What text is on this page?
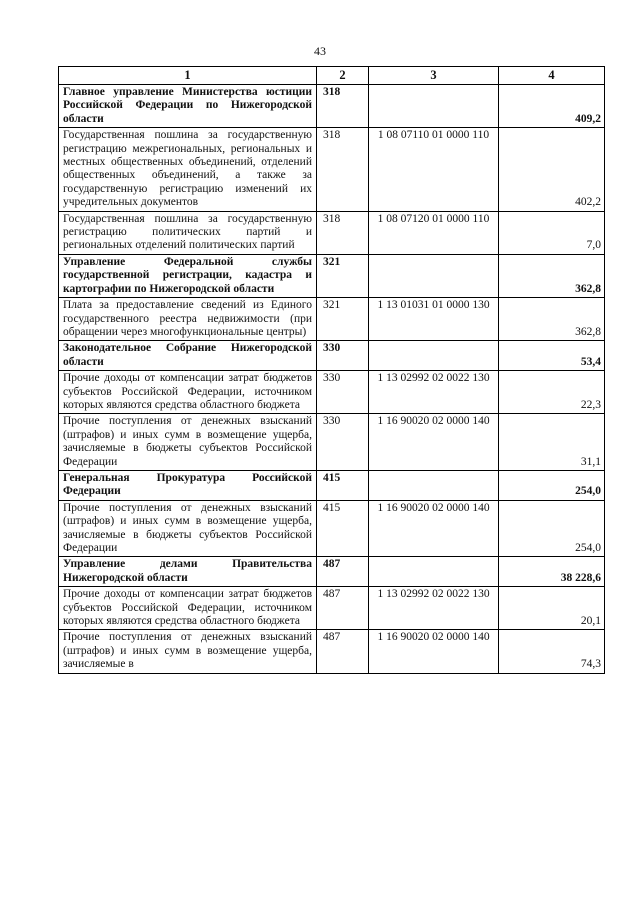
43
1	2	3	4
Главное управление Министерства юстиции Российской Федерации по Нижегородской области	318		409,2
Государственная пошлина за государственную регистрацию межрегиональных, региональных и местных общественных объединений, отделений общественных объединений, а также за государственную регистрацию изменений их учредительных документов	318	1 08 07110 01 0000 110	402,2
Государственная пошлина за государственную регистрацию политических партий и региональных отделений политических партий	318	1 08 07120 01 0000 110	7,0
Управление Федеральной службы государственной регистрации, кадастра и картографии по Нижегородской области	321		362,8
Плата за предоставление сведений из Единого государственного реестра недвижимости (при обращении через многофункциональные центры)	321	1 13 01031 01 0000 130	362,8
Законодательное Собрание Нижегородской области	330		53,4
Прочие доходы от компенсации затрат бюджетов субъектов Российской Федерации, источником которых являются средства областного бюджета	330	1 13 02992 02 0022 130	22,3
Прочие поступления от денежных взысканий (штрафов) и иных сумм в возмещение ущерба, зачисляемые в бюджеты субъектов Российской Федерации	330	1 16 90020 02 0000 140	31,1
Генеральная Прокуратура Российской Федерации	415		254,0
Прочие поступления от денежных взысканий (штрафов) и иных сумм в возмещение ущерба, зачисляемые в бюджеты субъектов Российской Федерации	415	1 16 90020 02 0000 140	254,0
Управление делами Правительства Нижегородской области	487		38 228,6
Прочие доходы от компенсации затрат бюджетов субъектов Российской Федерации, источником которых являются средства областного бюджета	487	1 13 02992 02 0022 130	20,1
Прочие поступления от денежных взысканий (штрафов) и иных сумм в возмещение ущерба, зачисляемые в	487	1 16 90020 02 0000 140	74,3
